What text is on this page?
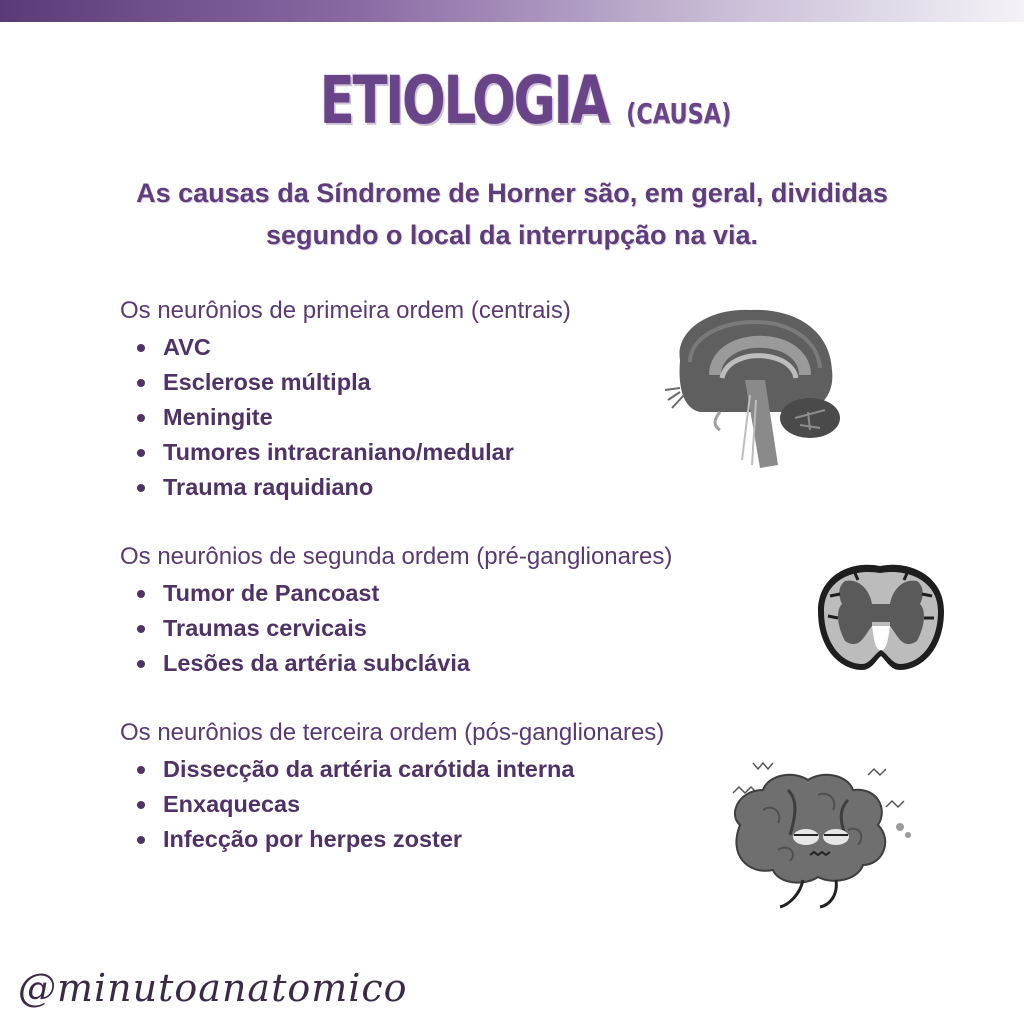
ETIOLOGIA (CAUSA)
As causas da Síndrome de Horner são, em geral, divididas
segundo o local da interrupção na via.
Os neurônios de primeira ordem (centrais)
AVC
Esclerose múltipla
Meningite
Tumores intracraniano/medular
Trauma raquidiano
Os neurônios de segunda ordem (pré-ganglionares)
Tumor de Pancoast
Traumas cervicais
Lesões da artéria subclávia
Os neurônios de terceira ordem (pós-ganglionares)
Dissecção da artéria carótida interna
Enxaquecas
Infecção por herpes zoster
@minutoanatomico
